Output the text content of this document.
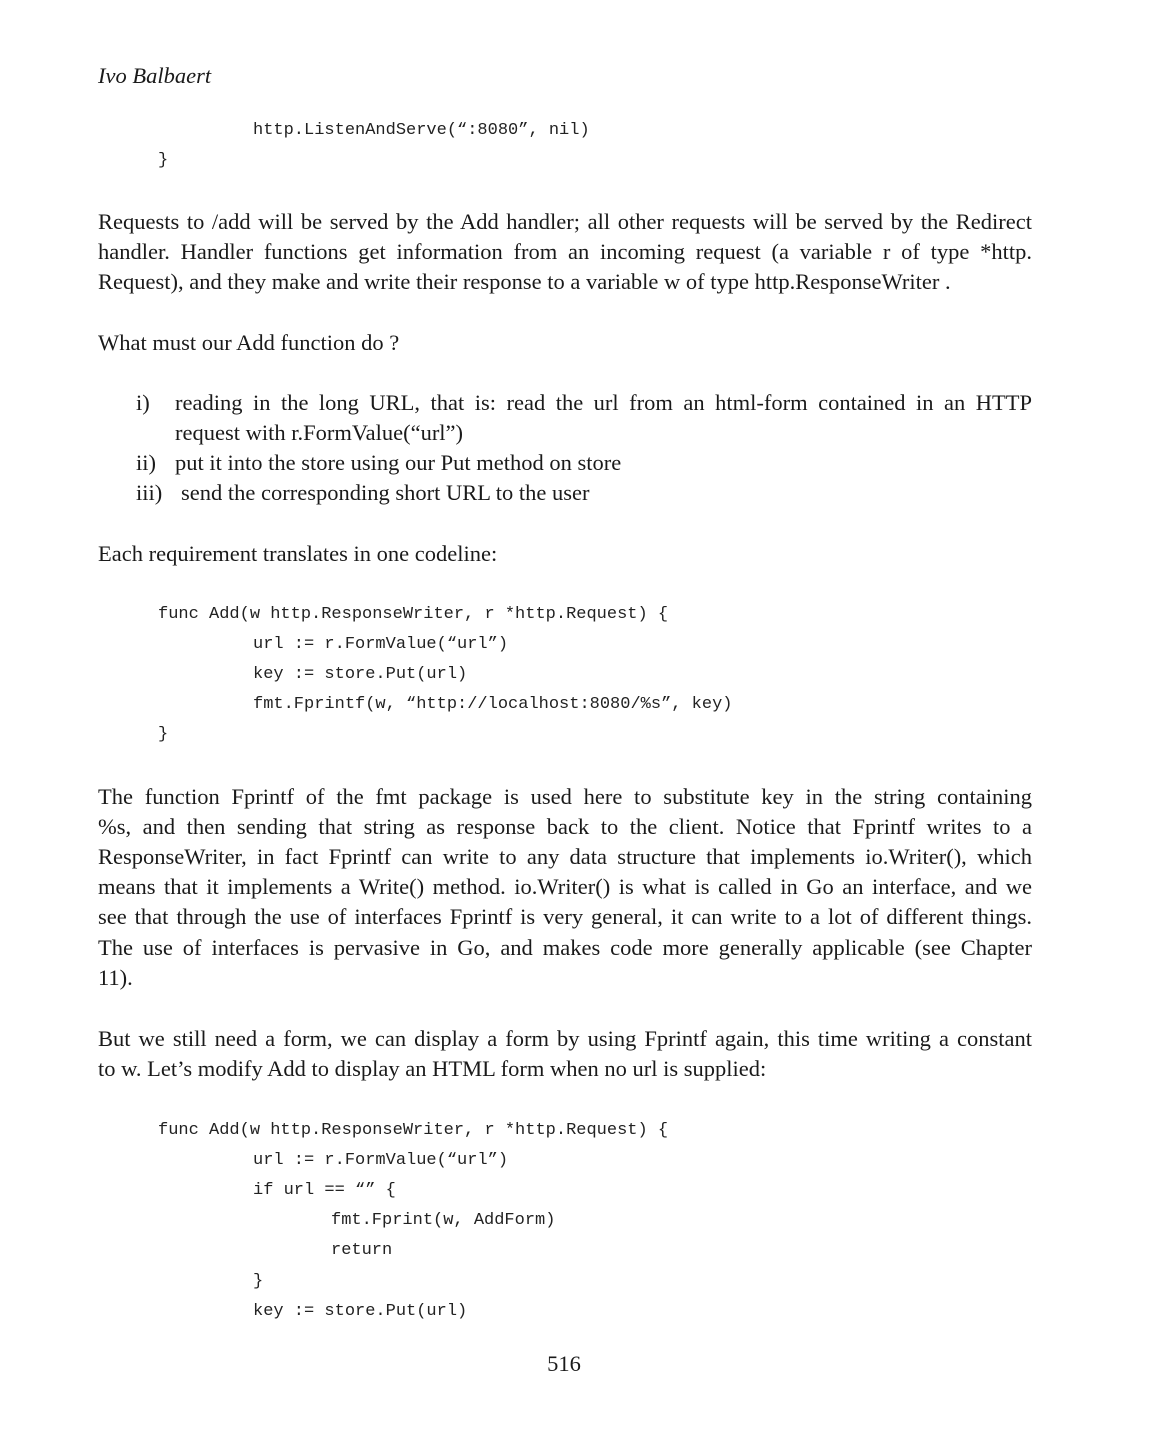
Ivo Balbaert
http.ListenAndServe(“:8080”, nil)
}
Requests to /add will be served by the Add handler; all other requests will be served by the Redirect
handler. Handler functions get information from an incoming request (a variable r of type *http.
Request), and they make and write their response to a variable w of type http.ResponseWriter .
What must our Add function do ?
i) reading in the long URL, that is: read the url from an html-form contained in an HTTP
request with r.FormValue(“url”)
ii) put it into the store using our Put method on store
iii) send the corresponding short URL to the user
Each requirement translates in one codeline:
func Add(w http.ResponseWriter, r *http.Request) {
url := r.FormValue(“url”)
key := store.Put(url)
fmt.Fprintf(w, “http://localhost:8080/%s”, key)
}
The function Fprintf of the fmt package is used here to substitute key in the string containing
%s, and then sending that string as response back to the client. Notice that Fprintf writes to a
ResponseWriter, in fact Fprintf can write to any data structure that implements io.Writer(), which
means that it implements a Write() method. io.Writer() is what is called in Go an interface, and we
see that through the use of interfaces Fprintf is very general, it can write to a lot of different things.
The use of interfaces is pervasive in Go, and makes code more generally applicable (see Chapter
11).
But we still need a form, we can display a form by using Fprintf again, this time writing a constant
to w. Let’s modify Add to display an HTML form when no url is supplied:
func Add(w http.ResponseWriter, r *http.Request) {
url := r.FormValue(“url”)
if url == “” {
fmt.Fprint(w, AddForm)
return
}
key := store.Put(url)
516
